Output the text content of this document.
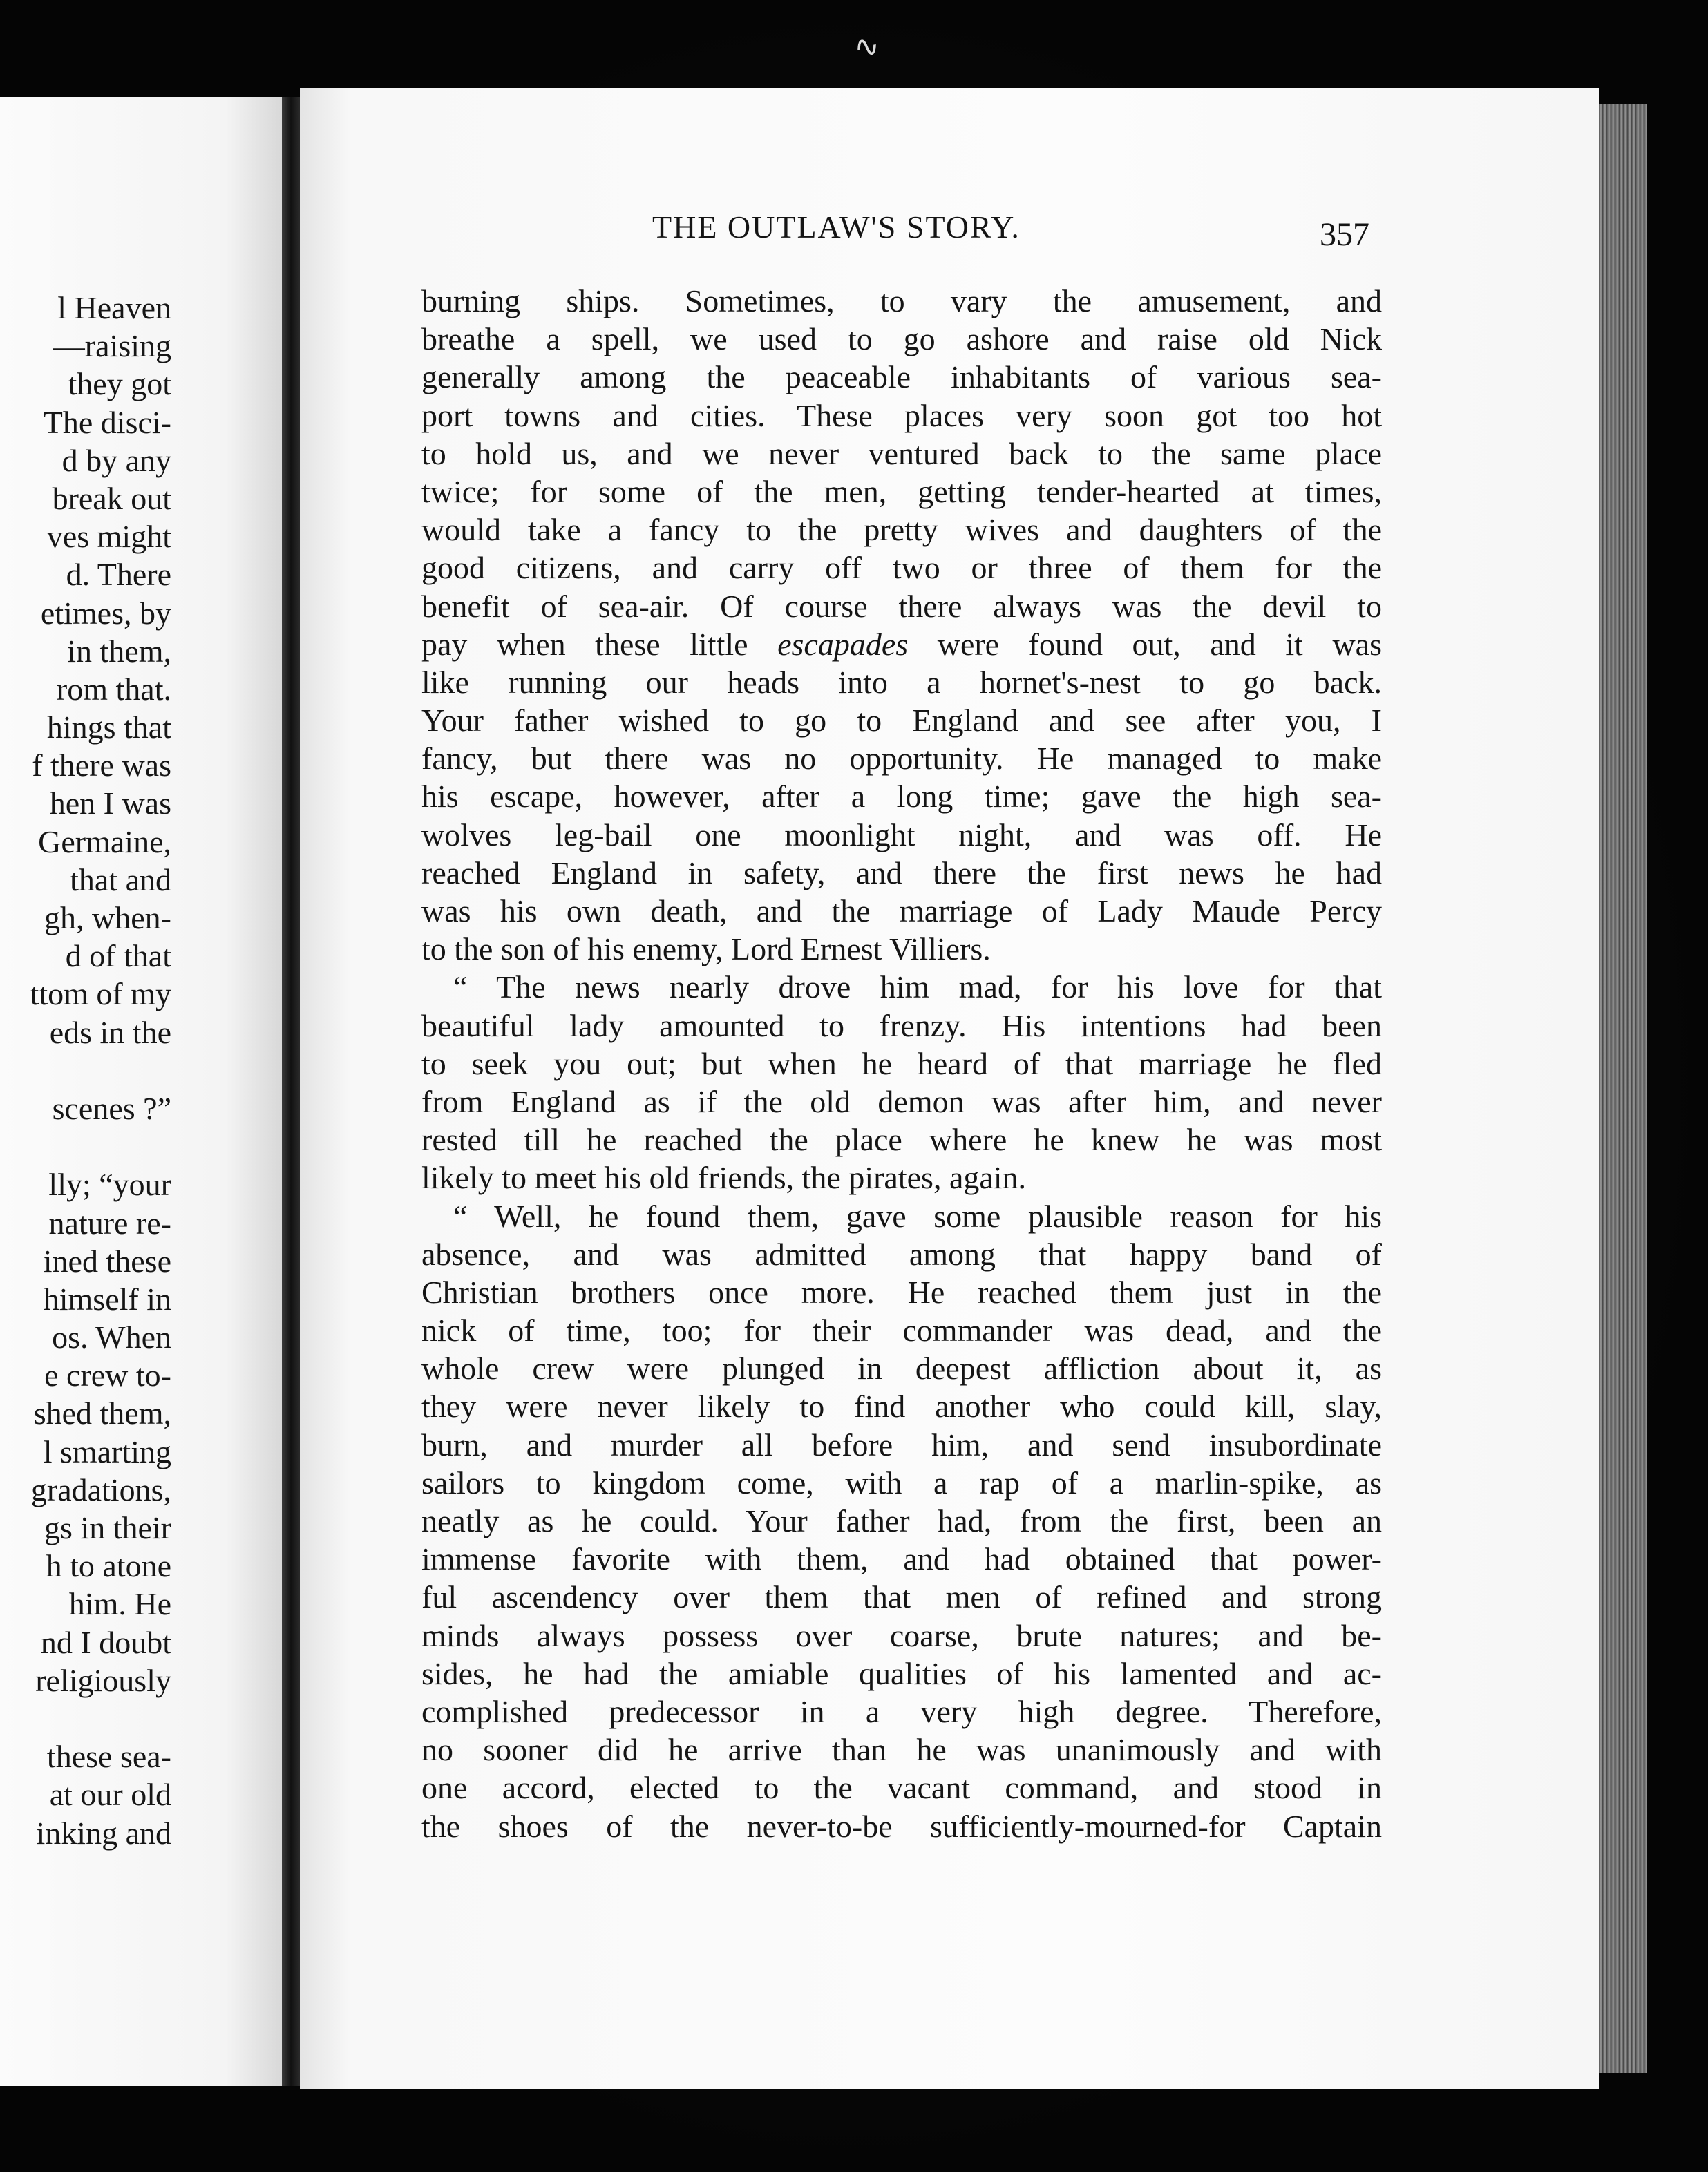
∿
l Heaven
—raising
they got
The disci-
d by any
break out
ves might
d. There
etimes, by
in them,
rom that.
hings that
f there was
hen I was
Germaine,
that and
gh, when-
d of that
ttom of my
eds in the
scenes ?”
lly; “your
nature re-
ined these
himself in
os. When
e crew to-
shed them,
l smarting
gradations,
gs in their
h to atone
him. He
nd I doubt
religiously
these sea-
at our old
inking and
THE OUTLAW'S STORY.	357
burning ships. Sometimes, to vary the amusement, and
breathe a spell, we used to go ashore and raise old Nick
generally among the peaceable inhabitants of various sea-
port towns and cities. These places very soon got too hot
to hold us, and we never ventured back to the same place
twice; for some of the men, getting tender-hearted at times,
would take a fancy to the pretty wives and daughters of the
good citizens, and carry off two or three of them for the
benefit of sea-air. Of course there always was the devil to
pay when these little escapades were found out, and it was
like running our heads into a hornet's-nest to go back.
Your father wished to go to England and see after you, I
fancy, but there was no opportunity. He managed to make
his escape, however, after a long time; gave the high sea-
wolves leg-bail one moonlight night, and was off. He
reached England in safety, and there the first news he had
was his own death, and the marriage of Lady Maude Percy
to the son of his enemy, Lord Ernest Villiers.
“ The news nearly drove him mad, for his love for that
beautiful lady amounted to frenzy. His intentions had been
to seek you out; but when he heard of that marriage he fled
from England as if the old demon was after him, and never
rested till he reached the place where he knew he was most
likely to meet his old friends, the pirates, again.
“ Well, he found them, gave some plausible reason for his
absence, and was admitted among that happy band of
Christian brothers once more. He reached them just in the
nick of time, too; for their commander was dead, and the
whole crew were plunged in deepest affliction about it, as
they were never likely to find another who could kill, slay,
burn, and murder all before him, and send insubordinate
sailors to kingdom come, with a rap of a marlin-spike, as
neatly as he could. Your father had, from the first, been an
immense favorite with them, and had obtained that power-
ful ascendency over them that men of refined and strong
minds always possess over coarse, brute natures; and be-
sides, he had the amiable qualities of his lamented and ac-
complished predecessor in a very high degree. Therefore,
no sooner did he arrive than he was unanimously and with
one accord, elected to the vacant command, and stood in
the shoes of the never-to-be sufficiently-mourned-for Captain
